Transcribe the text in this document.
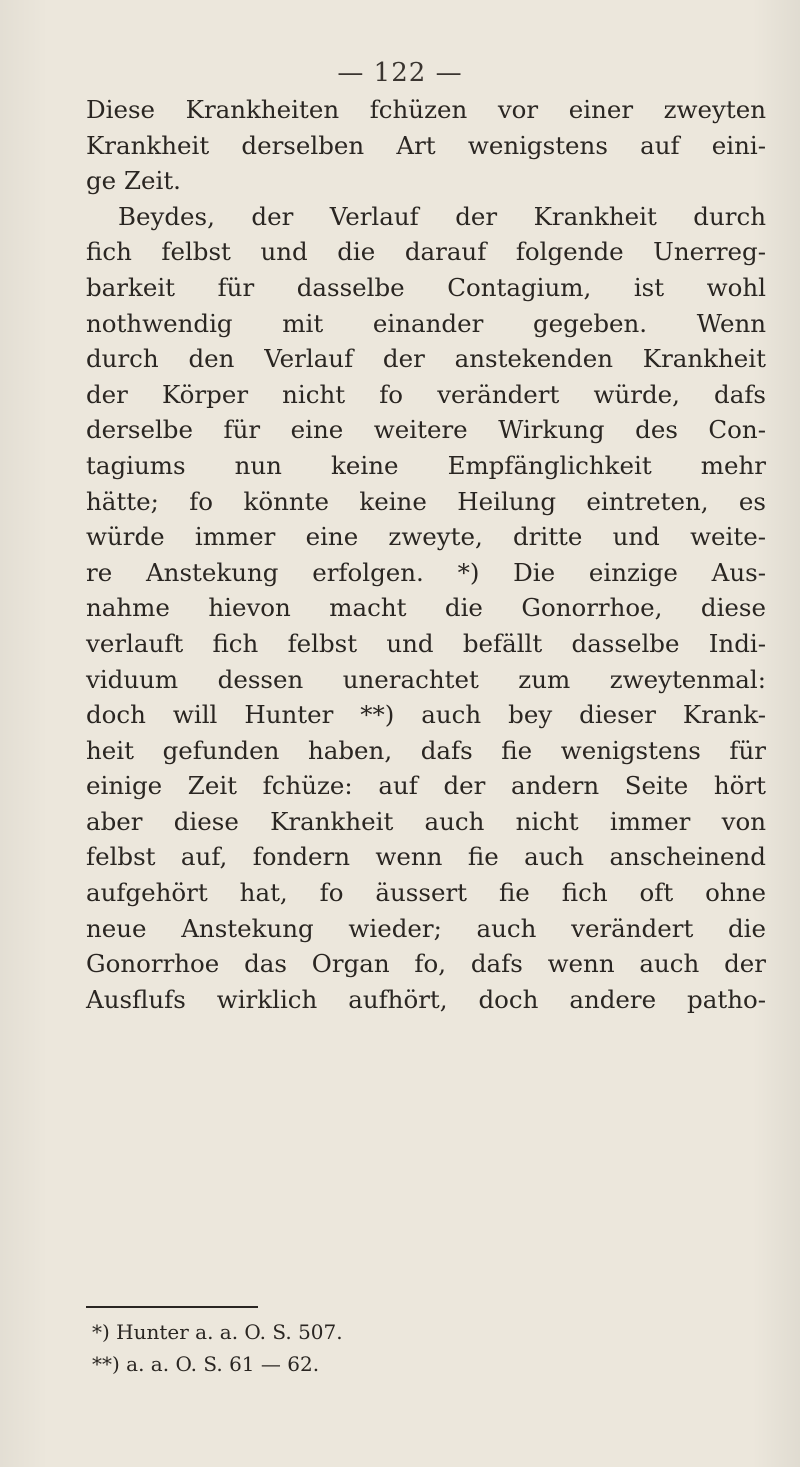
— 122 —

Diese Krankheiten fchüzen vor einer zweyten
Krankheit derselben Art wenigstens auf eini-
ge Zeit.

Beydes, der Verlauf der Krankheit durch
fich felbst und die darauf folgende Unerreg-
barkeit für dasselbe Contagium, ist wohl
nothwendig mit einander gegeben. Wenn
durch den Verlauf der anstekenden Krankheit
der Körper nicht fo verändert würde, dafs
derselbe für eine weitere Wirkung des Con-
tagiums nun keine Empfänglichkeit mehr
hätte; fo könnte keine Heilung eintreten, es
würde immer eine zweyte, dritte und weite-
re Anstekung erfolgen. *) Die einzige Aus-
nahme hievon macht die Gonorrhoe, diese
verlauft fich felbst und befällt dasselbe Indi-
viduum dessen unerachtet zum zweytenmal:
doch will Hunter **) auch bey dieser Krank-
heit gefunden haben, dafs fie wenigstens für
einige Zeit fchüze: auf der andern Seite hört
aber diese Krankheit auch nicht immer von
felbst auf, fondern wenn fie auch anscheinend
aufgehört hat, fo äussert fie fich oft ohne
neue Anstekung wieder; auch verändert die
Gonorrhoe das Organ fo, dafs wenn auch der
Ausflufs wirklich aufhört, doch andere patho-

*) Hunter a. a. O. S. 507.
**) a. a. O. S. 61 — 62.
